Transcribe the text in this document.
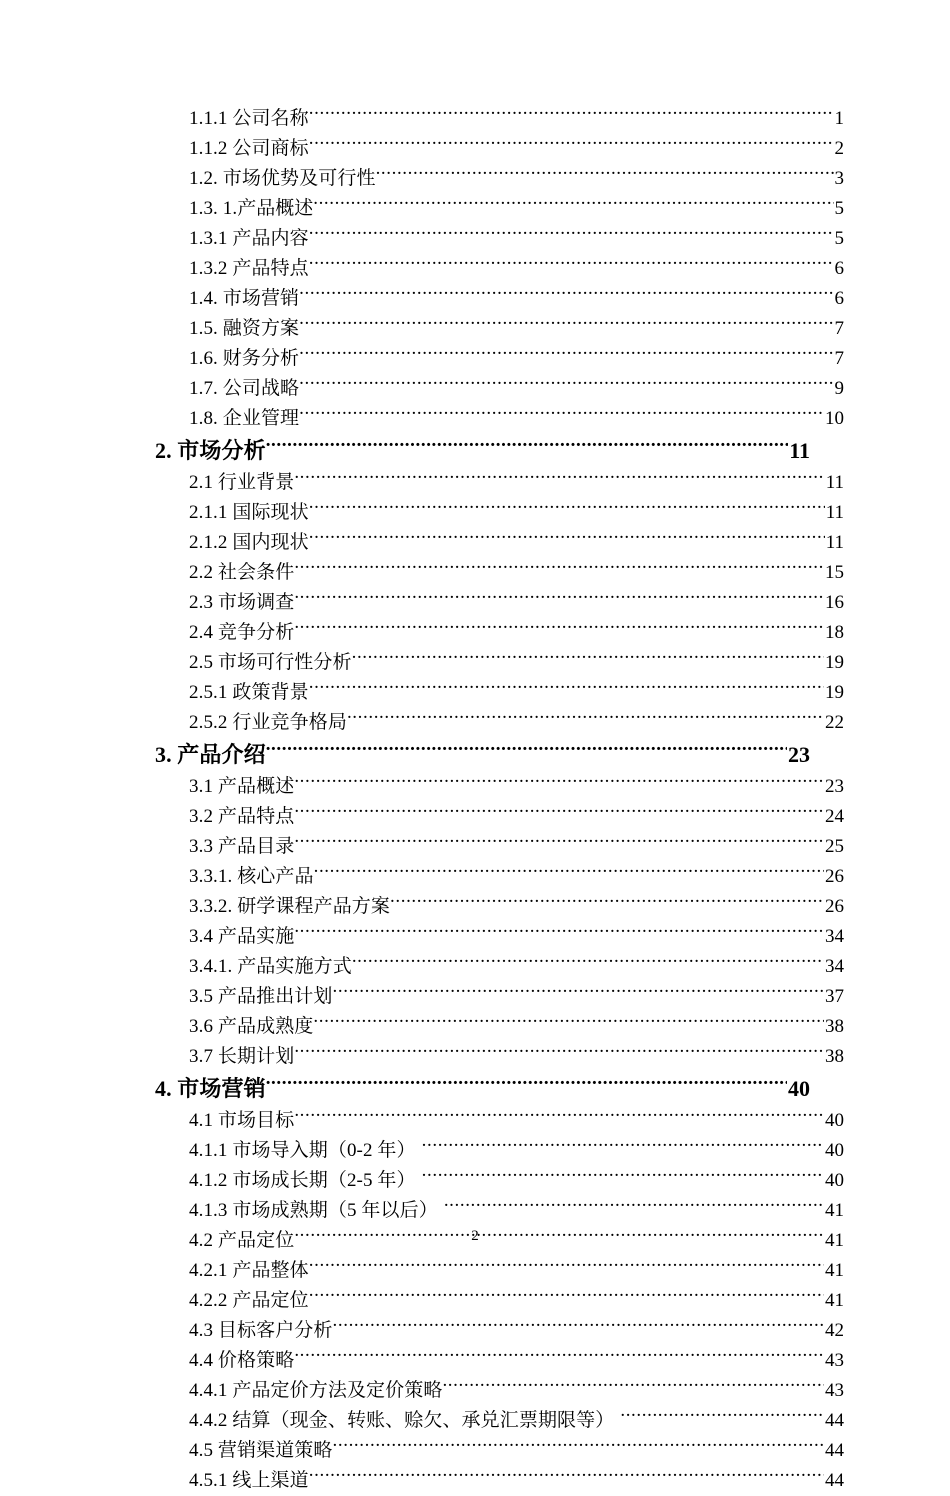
1.1.1 公司名称 .....	1
1.1.2 公司商标 .....	2
1.2. 市场优势及可行性 .....	3
1.3. 1. 产品概述 .....	5
1.3.1 产品内容 .....	5
1.3.2 产品特点 .....	6
1.4. 市场营销 .....	6
1.5. 融资方案 .....	7
1.6. 财务分析 .....	7
1.7. 公司战略 .....	9
1.8. 企业管理 .....	10
2. 市场分析 .....	11
2.1 行业背景 .....	11
2.1.1 国际现状 .....	11
2.1.2 国内现状 .....	11
2.2 社会条件 .....	15
2.3 市场调查 .....	16
2.4 竞争分析 .....	18
2.5 市场可行性分析 .....	19
2.5.1 政策背景 .....	19
2.5.2 行业竞争格局 .....	22
3. 产品介绍 .....	23
3.1 产品概述 .....	23
3.2 产品特点 .....	24
3.3 产品目录 .....	25
3.3.1. 核心产品 .....	26
3.3.2. 研学课程产品方案 .....	26
3.4 产品实施 .....	34
3.4.1. 产品实施方式 .....	34
3.5 产品推出计划 .....	37
3.6 产品成熟度 .....	38
3.7 长期计划 .....	38
4. 市场营销 .....	40
4.1 市场目标 .....	40
4.1.1 市场导入期（0-2 年） .....	40
4.1.2 市场成长期（2-5 年） .....	40
4.1.3 市场成熟期（5 年以后） .....	41
4.2 产品定位 .....	41
4.2.1 产品整体 .....	41
4.2.2 产品定位 .....	41
4.3 目标客户分析 .....	42
4.4 价格策略 .....	43
4.4.1 产品定价方法及定价策略 .....	43
4.4.2 结算（现金、转账、赊欠、承兑汇票期限等） .....	44
4.5 营销渠道策略 .....	44
4.5.1 线上渠道 .....	44
2
